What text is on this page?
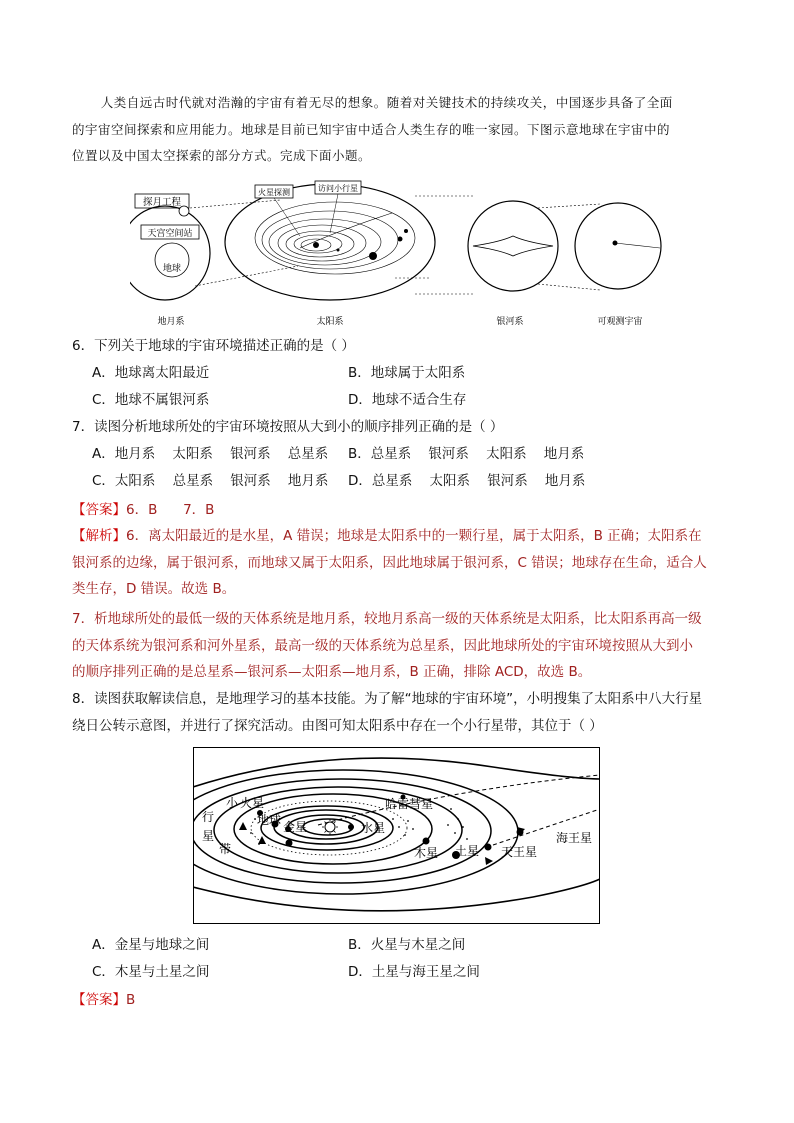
人类自远古时代就对浩瀚的宇宙有着无尽的想象。随着对关键技术的持续攻关，中国逐步具备了全面

的宇宙空间探索和应用能力。地球是目前已知宇宙中适合人类生存的唯一家园。下图示意地球在宇宙中的

位置以及中国太空探索的部分方式。完成下面小题。

探月工程
天宫空间站
地球
火星探测	访问小行星
地月系	太阳系	银河系	可观测宇宙
6．下列关于地球的宇宙环境描述正确的是（ ）
A．地球离太阳最近	B．地球属于太阳系
C．地球不属银河系	D．地球不适合生存
7．读图分析地球所处的宇宙环境按照从大到小的顺序排列正确的是（ ）
A．地月系    太阳系    银河系    总星系 B．总星系    银河系    太阳系    地月系
C．太阳系    总星系    银河系    地月系 D．总星系    太阳系    银河系    地月系
【答案】6．B      7．B
【解析】6．离太阳最近的是水星，A 错误；地球是太阳系中的一颗行星，属于太阳系，B 正确；太阳系在
银河系的边缘，属于银河系，而地球又属于太阳系，因此地球属于银河系，C 错误；地球存在生命，适合人
类生存，D 错误。故选 B。
7．析地球所处的最低一级的天体系统是地月系，较地月系高一级的天体系统是太阳系，比太阳系再高一级
的天体系统为银河系和河外星系，最高一级的天体系统为总星系，因此地球所处的宇宙环境按照从大到小
的顺序排列正确的是总星系—银河系—太阳系—地月系，B 正确，排除 ACD，故选 B。
8．读图获取解读信息，是地理学习的基本技能。为了解“地球的宇宙环境”，小明搜集了太阳系中八大行星
绕日公转示意图，并进行了探究活动。由图可知太阳系中存在一个小行星带，其位于（ ）
小 火星
行
星
带
地球 金星	水星
哈雷彗星
木星 土星 天王星
海王星
A．金星与地球之间	B．火星与木星之间
C．木星与土星之间	D．土星与海王星之间
【答案】B
